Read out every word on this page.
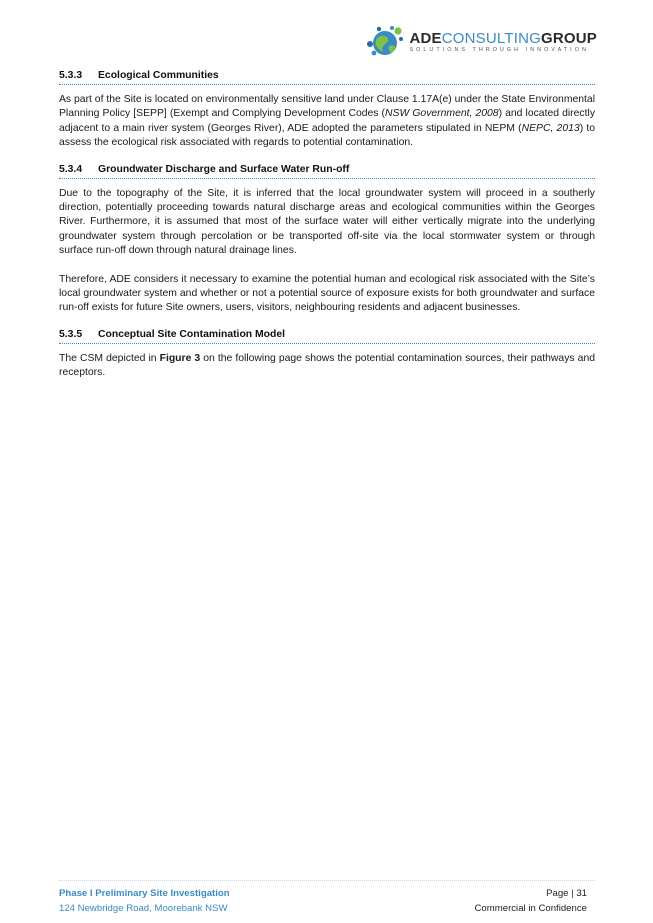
ADECONSULTINGGROUP
SOLUTIONS THROUGH INNOVATION
5.3.3	Ecological Communities

As part of the Site is located on environmentally sensitive land under Clause 1.17A(e) under the State Environmental Planning Policy [SEPP] (Exempt and Complying Development Codes (NSW Government, 2008) and located directly adjacent to a main river system (Georges River), ADE adopted the parameters stipulated in NEPM (NEPC, 2013) to assess the ecological risk associated with regards to potential contamination.

5.3.4	Groundwater Discharge and Surface Water Run-off

Due to the topography of the Site, it is inferred that the local groundwater system will proceed in a southerly direction, potentially proceeding towards natural discharge areas and ecological communities within the Georges River. Furthermore, it is assumed that most of the surface water will either vertically migrate into the underlying groundwater system through percolation or be transported off-site via the local stormwater system or through surface run-off down through natural drainage lines.

Therefore, ADE considers it necessary to examine the potential human and ecological risk associated with the Site’s local groundwater system and whether or not a potential source of exposure exists for both groundwater and surface run-off exists for future Site owners, users, visitors, neighbouring residents and adjacent businesses.

5.3.5	Conceptual Site Contamination Model

The CSM depicted in Figure 3 on the following page shows the potential contamination sources, their pathways and receptors.

Phase I Preliminary Site Investigation
124 Newbridge Road, Moorebank NSW
Page | 31
Commercial in Confidence
